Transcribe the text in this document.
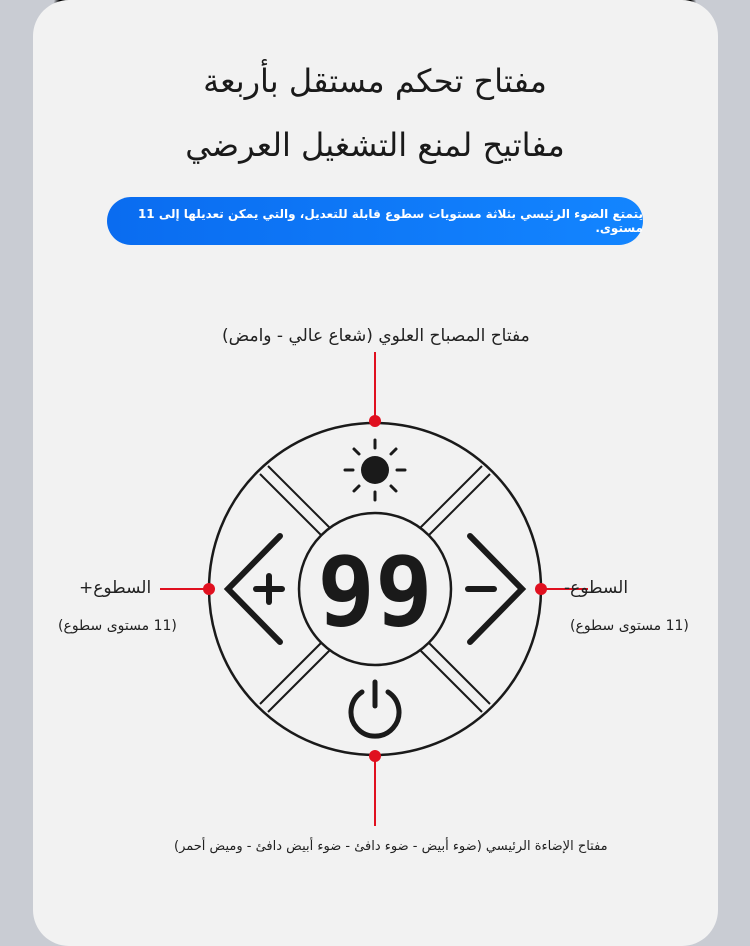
مفتاح تحكم مستقل بأربعة
مفاتيح لمنع التشغيل العرضي
يتمتع الضوء الرئيسي بثلاثة مستويات سطوع قابلة للتعديل، والتي يمكن تعديلها إلى 11 مستوى.
99
مفتاح المصباح العلوي (شعاع عالي - وامض)
السطوع+
(11 مستوى سطوع)
السطوع-
(11 مستوى سطوع)
مفتاح الإضاءة الرئيسي (ضوء أبيض - ضوء دافئ - ضوء أبيض دافئ - وميض أحمر)
